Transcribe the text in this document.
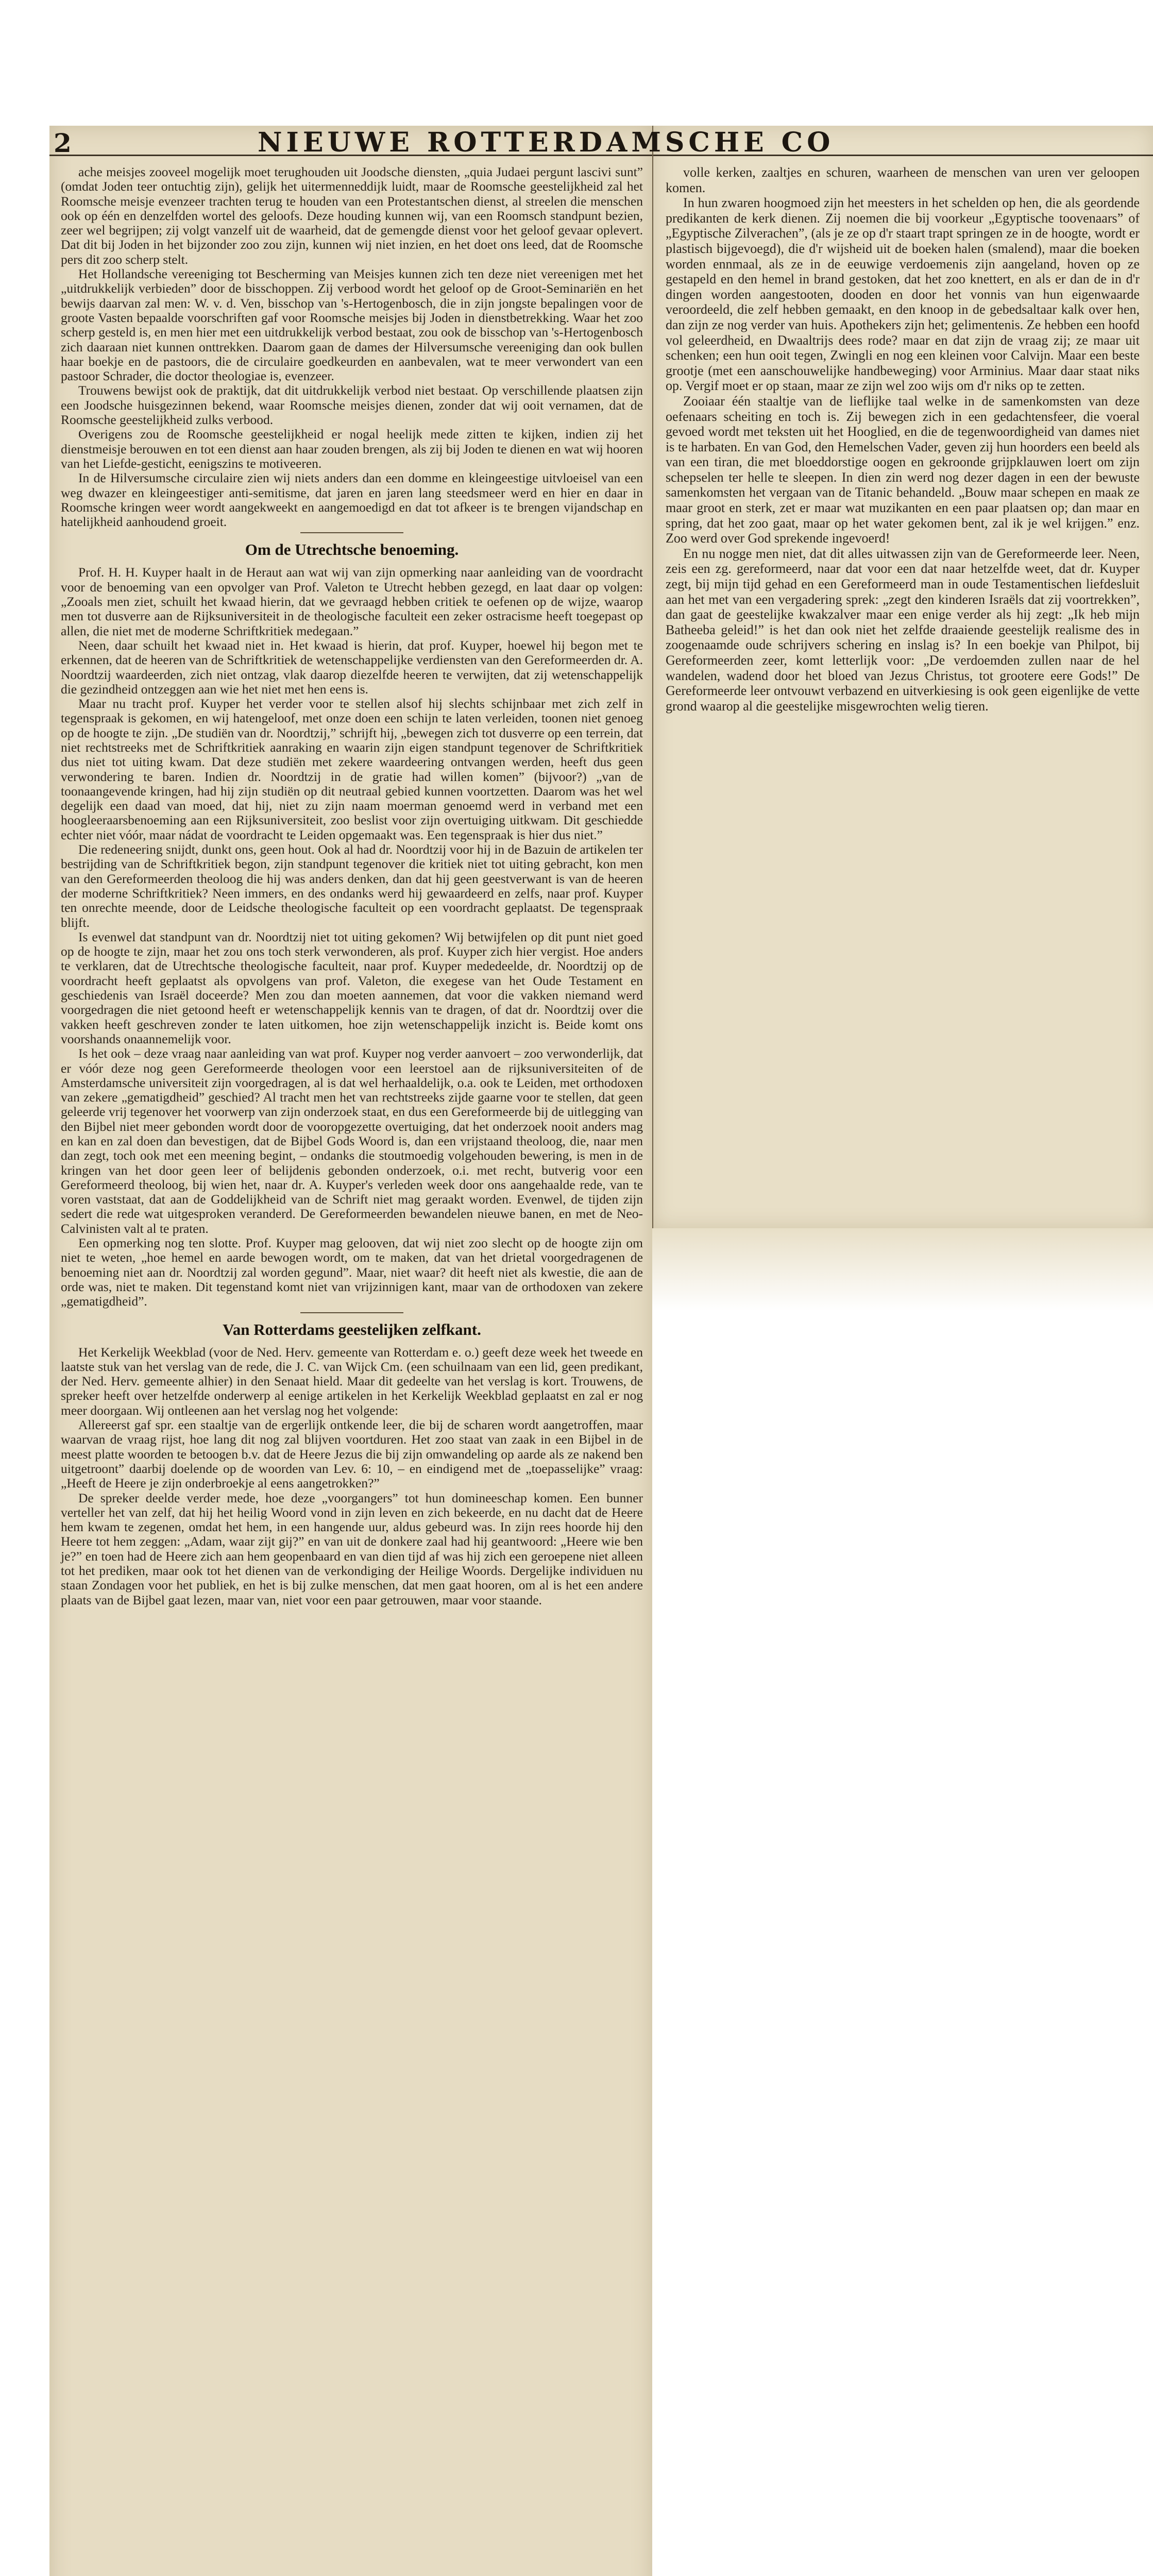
2	NIEUWE ROTTERDAMSCHE CO

ache meisjes zooveel mogelijk moet terughouden uit Joodsche diensten, „quia Judaei pergunt lascivi sunt” (omdat Joden teer ontuchtig zijn), gelijk het uitermenneddijk luidt, maar de Roomsche geestelijkheid zal het Roomsche meisje evenzeer trachten terug te houden van een Protestantschen dienst, al streelen die menschen ook op één en denzelfden wortel des geloofs. Deze houding kunnen wij, van een Roomsch standpunt bezien, zeer wel begrijpen; zij volgt vanzelf uit de waarheid, dat de gemengde dienst voor het geloof gevaar oplevert. Dat dit bij Joden in het bijzonder zoo zou zijn, kunnen wij niet inzien, en het doet ons leed, dat de Roomsche pers dit zoo scherp stelt.

Het Hollandsche vereeniging tot Bescherming van Meisjes kunnen zich ten deze niet vereenigen met het „uitdrukkelijk verbieden” door de bisschoppen. Zij verbood wordt het geloof op de Groot-Seminariën en het bewijs daarvan zal men: W. v. d. Ven, bisschop van 's-Hertogenbosch, die in zijn jongste bepalingen voor de groote Vasten bepaalde voorschriften gaf voor Roomsche meisjes bij Joden in dienstbetrekking. Waar het zoo scherp gesteld is, en men hier met een uitdrukkelijk verbod bestaat, zou ook de bisschop van 's-Hertogenbosch zich daaraan niet kunnen onttrekken. Daarom gaan de dames der Hilversumsche vereeniging dan ook bullen haar boekje en de pastoors, die de circulaire goedkeurden en aanbevalen, wat te meer verwondert van een pastoor Schrader, die doctor theologiae is, evenzeer.

Trouwens bewijst ook de praktijk, dat dit uitdrukkelijk verbod niet bestaat. Op verschillende plaatsen zijn een Joodsche huisgezinnen bekend, waar Roomsche meisjes dienen, zonder dat wij ooit vernamen, dat de Roomsche geestelijkheid zulks verbood.

Overigens zou de Roomsche geestelijkheid er nogal heelijk mede zitten te kijken, indien zij het dienstmeisje berouwen en tot een dienst aan haar zouden brengen, als zij bij Joden te dienen en wat wij hooren van het Liefde-gesticht, eenigszins te motiveeren.

In de Hilversumsche circulaire zien wij niets anders dan een domme en kleingeestige uitvloeisel van een weg dwazer en kleingeestiger anti-semitisme, dat jaren en jaren lang steedsmeer werd en hier en daar in Roomsche kringen weer wordt aangekweekt en aangemoedigd en dat tot afkeer is te brengen vijandschap en hatelijkheid aanhoudend groeit.

Om de Utrechtsche benoeming.

Prof. H. H. Kuyper haalt in de Heraut aan wat wij van zijn opmerking naar aanleiding van de voordracht voor de benoeming van een opvolger van Prof. Valeton te Utrecht hebben gezegd, en laat daar op volgen: „Zooals men ziet, schuilt het kwaad hierin, dat we gevraagd hebben critiek te oefenen op de wijze, waarop men tot dusverre aan de Rijksuniversiteit in de theologische faculteit een zeker ostracisme heeft toegepast op allen, die niet met de moderne Schriftkritiek medegaan.”

Neen, daar schuilt het kwaad niet in. Het kwaad is hierin, dat prof. Kuyper, hoewel hij begon met te erkennen, dat de heeren van de Schriftkritiek de wetenschappelijke verdiensten van den Gereformeerden dr. A. Noordtzij waardeerden, zich niet ontzag, vlak daarop diezelfde heeren te verwijten, dat zij wetenschappelijk die gezindheid ontzeggen aan wie het niet met hen eens is.

Maar nu tracht prof. Kuyper het verder voor te stellen alsof hij slechts schijnbaar met zich zelf in tegenspraak is gekomen, en wij hatengeloof, met onze doen een schijn te laten verleiden, toonen niet genoeg op de hoogte te zijn. „De studiën van dr. Noordtzij,” schrijft hij, „bewegen zich tot dusverre op een terrein, dat niet rechtstreeks met de Schriftkritiek aanraking en waarin zijn eigen standpunt tegenover de Schriftkritiek dus niet tot uiting kwam. Dat deze studiën met zekere waardeering ontvangen werden, heeft dus geen verwondering te baren. Indien dr. Noordtzij in de gratie had willen komen” (bijvoor?) „van de toonaangevende kringen, had hij zijn studiën op dit neutraal gebied kunnen voortzetten. Daarom was het wel degelijk een daad van moed, dat hij, niet zu zijn naam moerman genoemd werd in verband met een hoogleeraarsbenoeming aan een Rijksuniversiteit, zoo beslist voor zijn overtuiging uitkwam. Dit geschiedde echter niet vóór, maar nádat de voordracht te Leiden opgemaakt was. Een tegenspraak is hier dus niet.”

Die redeneering snijdt, dunkt ons, geen hout. Ook al had dr. Noordtzij voor hij in de Bazuin de artikelen ter bestrijding van de Schriftkritiek begon, zijn standpunt tegenover die kritiek niet tot uiting gebracht, kon men van den Gereformeerden theoloog die hij was anders denken, dan dat hij geen geestverwant is van de heeren der moderne Schriftkritiek? Neen immers, en des ondanks werd hij gewaardeerd en zelfs, naar prof. Kuyper ten onrechte meende, door de Leidsche theologische faculteit op een voordracht geplaatst. De tegenspraak blijft.

Is evenwel dat standpunt van dr. Noordtzij niet tot uiting gekomen? Wij betwijfelen op dit punt niet goed op de hoogte te zijn, maar het zou ons toch sterk verwonderen, als prof. Kuyper zich hier vergist. Hoe anders te verklaren, dat de Utrechtsche theologische faculteit, naar prof. Kuyper mededeelde, dr. Noordtzij op de voordracht heeft geplaatst als opvolgens van prof. Valeton, die exegese van het Oude Testament en geschiedenis van Israël doceerde? Men zou dan moeten aannemen, dat voor die vakken niemand werd voorgedragen die niet getoond heeft er wetenschappelijk kennis van te dragen, of dat dr. Noordtzij over die vakken heeft geschreven zonder te laten uitkomen, hoe zijn wetenschappelijk inzicht is. Beide komt ons voorshands onaannemelijk voor.

Is het ook – deze vraag naar aanleiding van wat prof. Kuyper nog verder aanvoert – zoo verwonderlijk, dat er vóór deze nog geen Gereformeerde theologen voor een leerstoel aan de rijksuniversiteiten of de Amsterdamsche universiteit zijn voorgedragen, al is dat wel herhaaldelijk, o.a. ook te Leiden, met orthodoxen van zekere „gematigdheid” geschied? Al tracht men het van rechtstreeks zijde gaarne voor te stellen, dat geen geleerde vrij tegenover het voorwerp van zijn onderzoek staat, en dus een Gereformeerde bij de uitlegging van den Bijbel niet meer gebonden wordt door de vooropgezette overtuiging, dat het onderzoek nooit anders mag en kan en zal doen dan bevestigen, dat de Bijbel Gods Woord is, dan een vrijstaand theoloog, die, naar men dan zegt, toch ook met een meening begint, – ondanks die stoutmoedig volgehouden bewering, is men in de kringen van het door geen leer of belijdenis gebonden onderzoek, o.i. met recht, butverig voor een Gereformeerd theoloog, bij wien het, naar dr. A. Kuyper's verleden week door ons aangehaalde rede, van te voren vaststaat, dat aan de Goddelijkheid van de Schrift niet mag geraakt worden. Evenwel, de tijden zijn sedert die rede wat uitgesproken veranderd. De Gereformeerden bewandelen nieuwe banen, en met de Neo-Calvinisten valt al te praten.

Een opmerking nog ten slotte. Prof. Kuyper mag gelooven, dat wij niet zoo slecht op de hoogte zijn om niet te weten, „hoe hemel en aarde bewogen wordt, om te maken, dat van het drietal voorgedragenen de benoeming niet aan dr. Noordtzij zal worden gegund”. Maar, niet waar? dit heeft niet als kwestie, die aan de orde was, niet te maken. Dit tegenstand komt niet van vrijzinnigen kant, maar van de orthodoxen van zekere „gematigdheid”.

Van Rotterdams geestelijken zelfkant.

Het Kerkelijk Weekblad (voor de Ned. Herv. gemeente van Rotterdam e. o.) geeft deze week het tweede en laatste stuk van het verslag van de rede, die J. C. van Wijck Cm. (een schuilnaam van een lid, geen predikant, der Ned. Herv. gemeente alhier) in den Senaat hield. Maar dit gedeelte van het verslag is kort. Trouwens, de spreker heeft over hetzelfde onderwerp al eenige artikelen in het Kerkelijk Weekblad geplaatst en zal er nog meer doorgaan. Wij ontleenen aan het verslag nog het volgende:

Allereerst gaf spr. een staaltje van de ergerlijk ontkende leer, die bij de scharen wordt aangetroffen, maar waarvan de vraag rijst, hoe lang dit nog zal blijven voortduren. Het zoo staat van zaak in een Bijbel in de meest platte woorden te betoogen b.v. dat de Heere Jezus die bij zijn omwandeling op aarde als ze nakend ben uitgetroont” daarbij doelende op de woorden van Lev. 6: 10, – en eindigend met de „toepasselijke” vraag: „Heeft de Heere je zijn onderbroekje al eens aangetrokken?”

De spreker deelde verder mede, hoe deze „voorgangers” tot hun domineeschap komen. Een bunner verteller het van zelf, dat hij het heilig Woord vond in zijn leven en zich bekeerde, en nu dacht dat de Heere hem kwam te zegenen, omdat het hem, in een hangende uur, aldus gebeurd was. In zijn rees hoorde hij den Heere tot hem zeggen: „Adam, waar zijt gij?” en van uit de donkere zaal had hij geantwoord: „Heere wie ben je?” en toen had de Heere zich aan hem geopenbaard en van dien tijd af was hij zich een geroepene niet alleen tot het prediken, maar ook tot het dienen van de verkondiging der Heilige Woords. Dergelijke individuen nu staan Zondagen voor het publiek, en het is bij zulke menschen, dat men gaat hooren, om al is het een andere plaats van de Bijbel gaat lezen, maar van, niet voor een paar getrouwen, maar voor staande.

volle kerken, zaaltjes en schuren, waarheen de menschen van uren ver geloopen komen.

In hun zwaren hoogmoed zijn het meesters in het schelden op hen, die als geordende predikanten de kerk dienen. Zij noemen die bij voorkeur „Egyptische toovenaars” of „Egyptische Zilverachen”, (als je ze op d'r staart trapt springen ze in de hoogte, wordt er plastisch bijgevoegd), die d'r wijsheid uit de boeken halen (smalend), maar die boeken worden ennmaal, als ze in de eeuwige verdoemenis zijn aangeland, hoven op ze gestapeld en den hemel in brand gestoken, dat het zoo knettert, en als er dan de in d'r dingen worden aangestooten, dooden en door het vonnis van hun eigenwaarde veroordeeld, die zelf hebben gemaakt, en den knoop in de gebedsaltaar kalk over hen, dan zijn ze nog verder van huis. Apothekers zijn het; gelimentenis. Ze hebben een hoofd vol geleerdheid, en Dwaaltrijs dees rode? maar en dat zijn de vraag zij; ze maar uit schenken; een hun ooit tegen, Zwingli en nog een kleinen voor Calvijn. Maar een beste grootje (met een aanschouwelijke handbeweging) voor Arminius. Maar daar staat niks op. Vergif moet er op staan, maar ze zijn wel zoo wijs om d'r niks op te zetten.

Zooiaar één staaltje van de lieflijke taal welke in de samenkomsten van deze oefenaars scheiting en toch is. Zij bewegen zich in een gedachtensfeer, die voeral gevoed wordt met teksten uit het Hooglied, en die de tegenwoordigheid van dames niet is te harbaten. En van God, den Hemelschen Vader, geven zij hun hoorders een beeld als van een tiran, die met bloeddorstige oogen en gekroonde grijpklauwen loert om zijn schepselen ter helle te sleepen. In dien zin werd nog dezer dagen in een der bewuste samenkomsten het vergaan van de Titanic behandeld. „Bouw maar schepen en maak ze maar groot en sterk, zet er maar wat muzikanten en een paar plaatsen op; dan maar en spring, dat het zoo gaat, maar op het water gekomen bent, zal ik je wel krijgen.” enz. Zoo werd over God sprekende ingevoerd!

En nu nogge men niet, dat dit alles uitwassen zijn van de Gereformeerde leer. Neen, zeis een zg. gereformeerd, naar dat voor een dat naar hetzelfde weet, dat dr. Kuyper zegt, bij mijn tijd gehad en een Gereformeerd man in oude Testamentischen liefdesluit aan het met van een vergadering sprek: „zegt den kinderen Israëls dat zij voortrekken”, dan gaat de geestelijke kwakzalver maar een enige verder als hij zegt: „Ik heb mijn Batheeba geleid!” is het dan ook niet het zelfde draaiende geestelijk realisme des in zoogenaamde oude schrijvers schering en inslag is? In een boekje van Philpot, bij Gereformeerden zeer, komt letterlijk voor: „De verdoemden zullen naar de hel wandelen, wadend door het bloed van Jezus Christus, tot grootere eere Gods!” De Gereformeerde leer ontvouwt verbazend en uitverkiesing is ook geen eigenlijke de vette grond waarop al die geestelijke misgewrochten welig tieren.
